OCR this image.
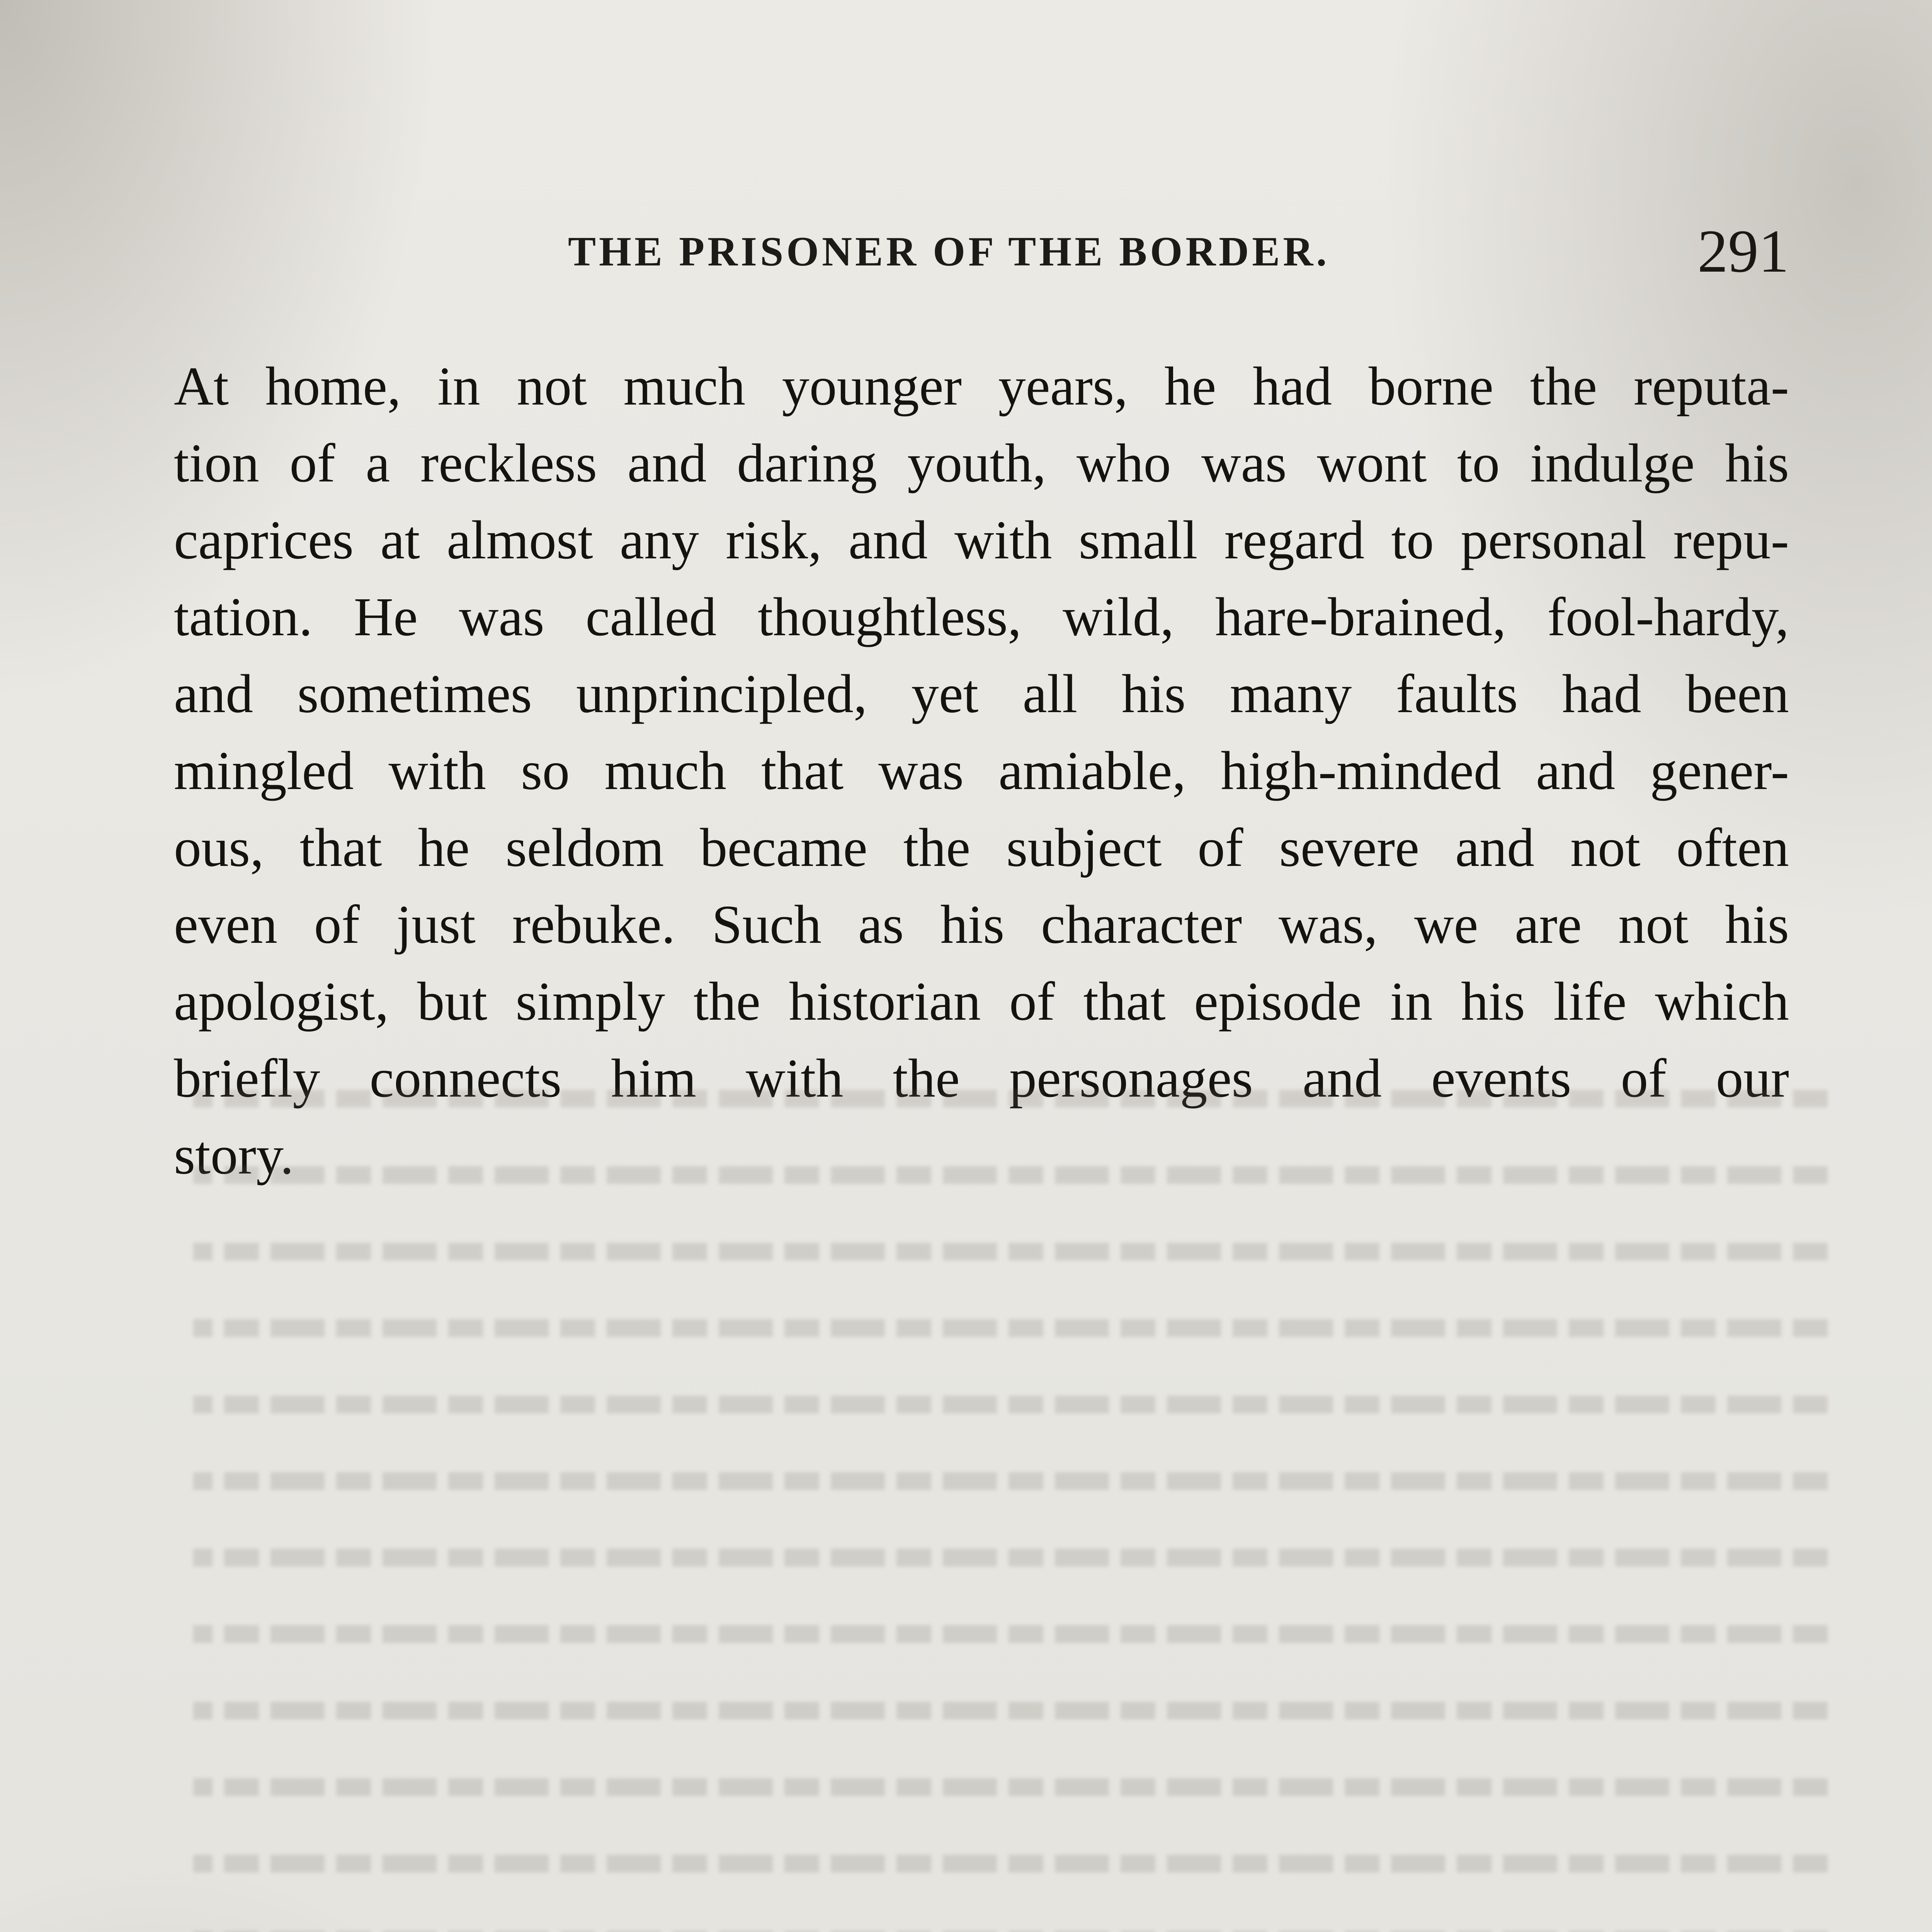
THE PRISONER OF THE BORDER.	291
At home, in not much younger years, he had borne the reputa-
tion of a reckless and daring youth, who was wont to indulge his
caprices at almost any risk, and with small regard to personal repu-
tation. He was called thoughtless, wild, hare-brained, fool-hardy,
and sometimes unprincipled, yet all his many faults had been
mingled with so much that was amiable, high-minded and gener-
ous, that he seldom became the subject of severe and not often
even of just rebuke. Such as his character was, we are not his
apologist, but simply the historian of that episode in his life which
briefly connects him with the personages and events of our
story.
